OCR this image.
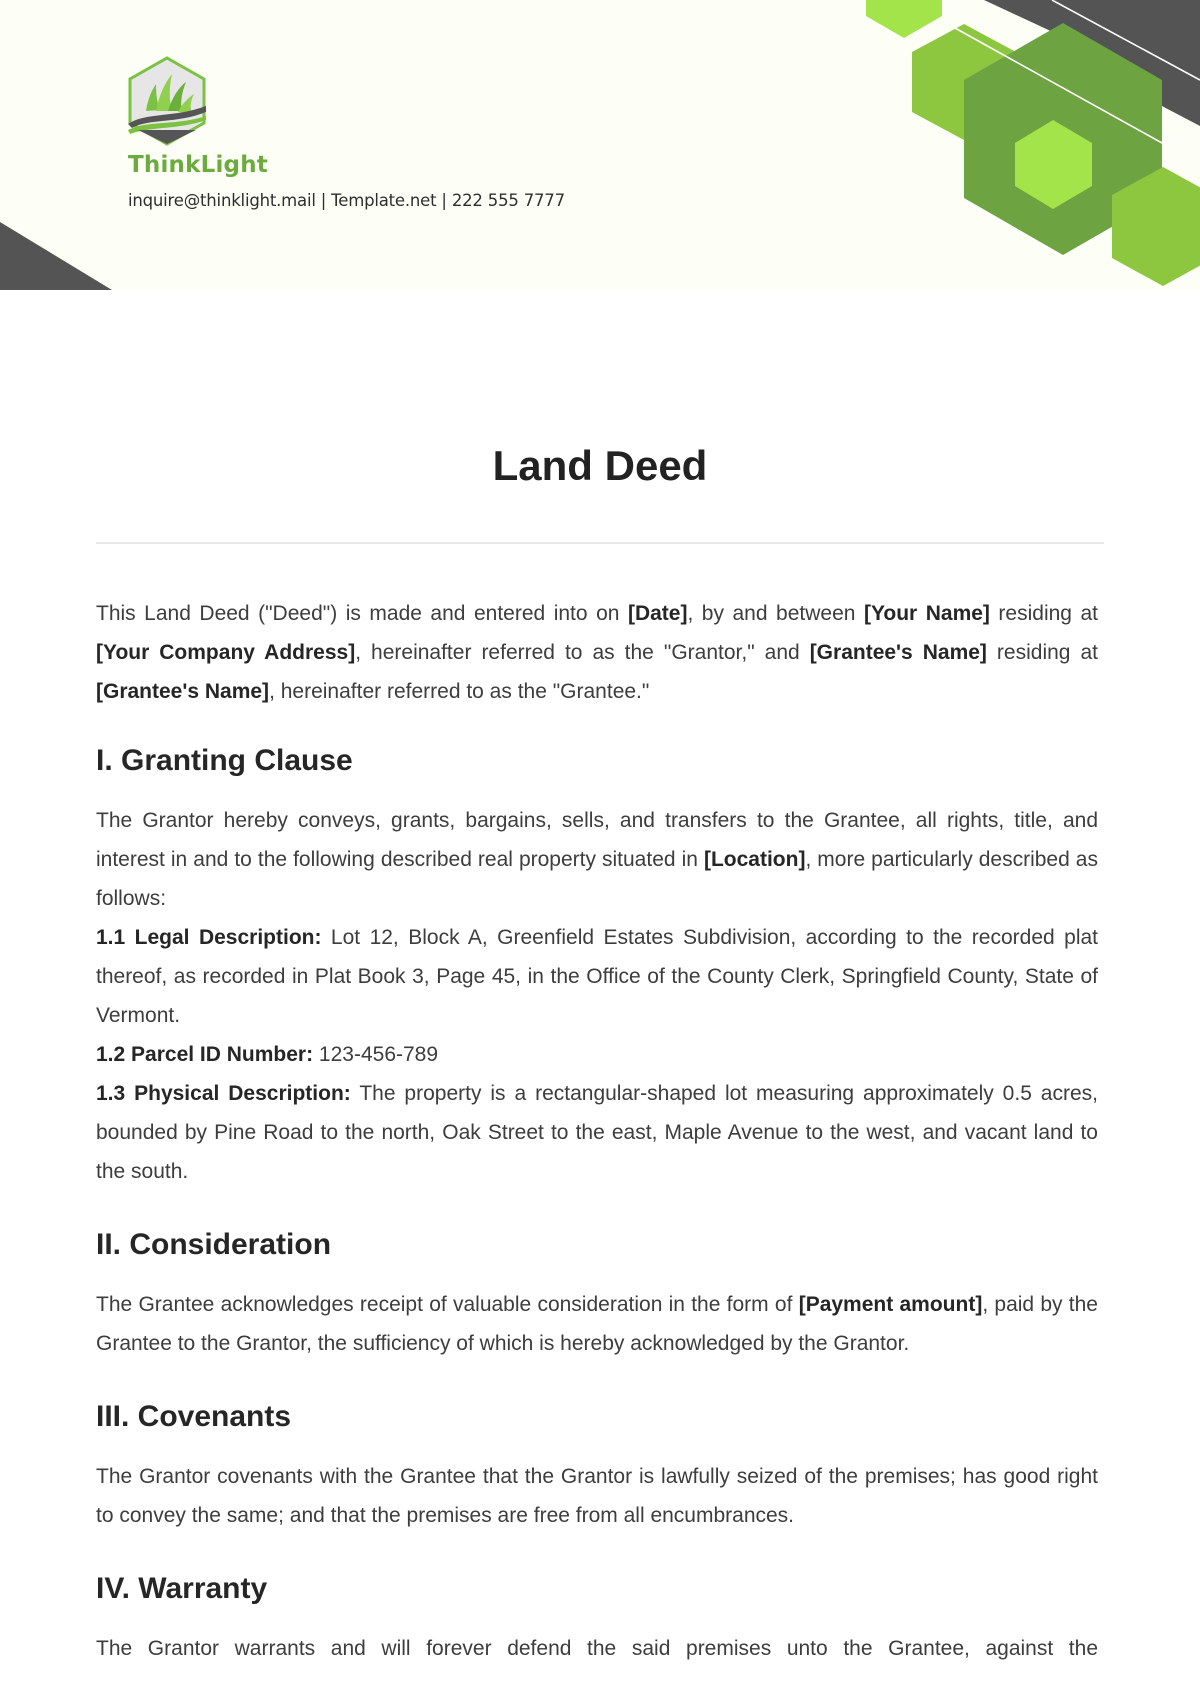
ThinkLight
inquire@thinklight.mail | Template.net | 222 555 7777
Land Deed

This Land Deed ("Deed") is made and entered into on [Date], by and between [Your Name] residing at [Your Company Address], hereinafter referred to as the "Grantor," and [Grantee's Name] residing at [Grantee's Name], hereinafter referred to as the "Grantee."

I. Granting Clause

The Grantor hereby conveys, grants, bargains, sells, and transfers to the Grantee, all rights, title, and interest in and to the following described real property situated in [Location], more particularly described as follows:

1.1 Legal Description: Lot 12, Block A, Greenfield Estates Subdivision, according to the recorded plat thereof, as recorded in Plat Book 3, Page 45, in the Office of the County Clerk, Springfield County, State of Vermont.

1.2 Parcel ID Number: 123-456-789

1.3 Physical Description: The property is a rectangular-shaped lot measuring approximately 0.5 acres, bounded by Pine Road to the north, Oak Street to the east, Maple Avenue to the west, and vacant land to the south.

II. Consideration

The Grantee acknowledges receipt of valuable consideration in the form of [Payment amount], paid by the Grantee to the Grantor, the sufficiency of which is hereby acknowledged by the Grantor.

III. Covenants

The Grantor covenants with the Grantee that the Grantor is lawfully seized of the premises; has good right to convey the same; and that the premises are free from all encumbrances.

IV. Warranty

The Grantor warrants and will forever defend the said premises unto the Grantee, against the
